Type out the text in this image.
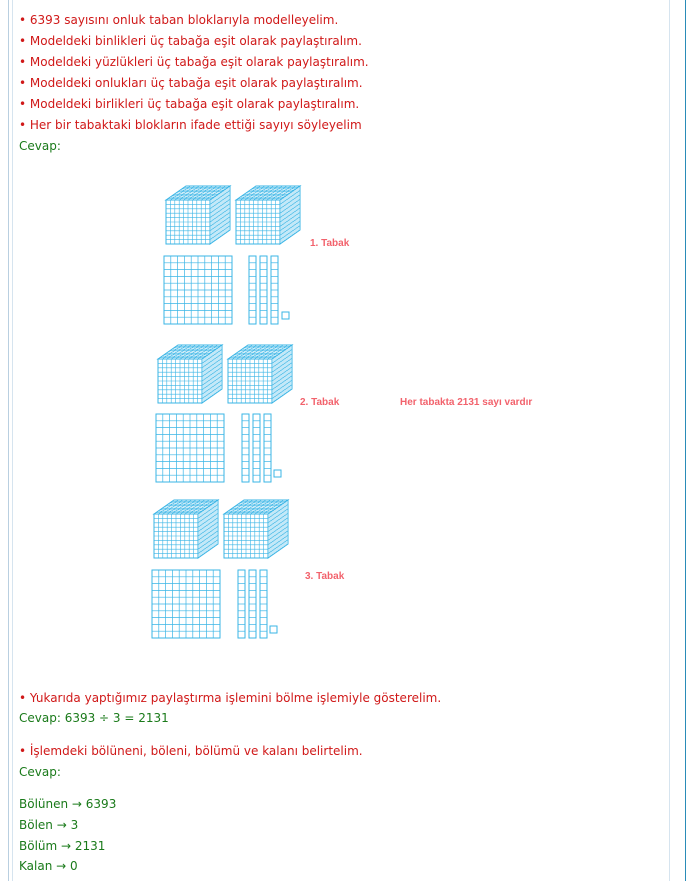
• 6393 sayısını onluk taban bloklarıyla modelleyelim.
• Modeldeki binlikleri üç tabağa eşit olarak paylaştıralım.
• Modeldeki yüzlükleri üç tabağa eşit olarak paylaştıralım.
• Modeldeki onlukları üç tabağa eşit olarak paylaştıralım.
• Modeldeki birlikleri üç tabağa eşit olarak paylaştıralım.
• Her bir tabaktaki blokların ifade ettiği sayıyı söyleyelim
Cevap:
• Yukarıda yaptığımız paylaştırma işlemini bölme işlemiyle gösterelim.
Cevap: 6393 ÷ 3 = 2131
• İşlemdeki bölüneni, böleni, bölümü ve kalanı belirtelim.
Cevap:
Bölünen → 6393
Bölen → 3
Bölüm → 2131
Kalan → 0
1. Tabak
2. Tabak
3. Tabak
Her tabakta 2131 sayı vardır
